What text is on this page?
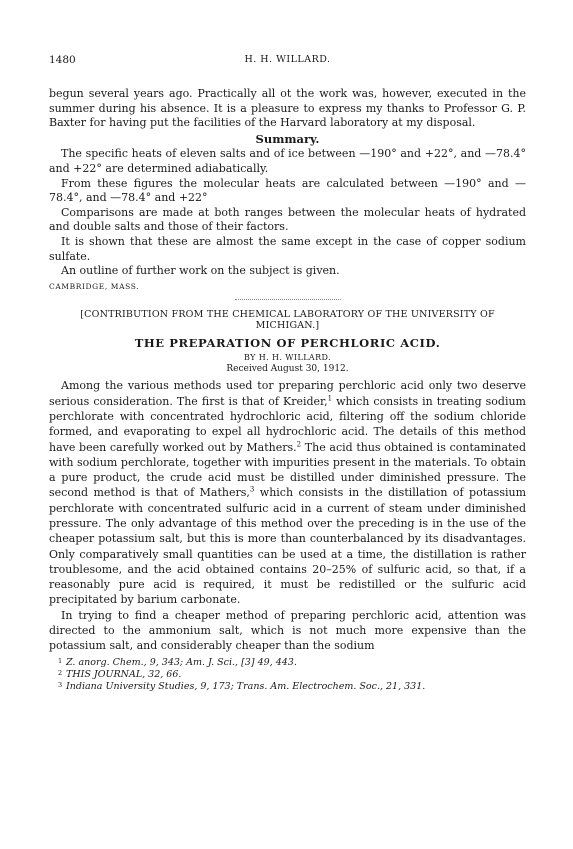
1480	H. H. WILLARD.

begun several years ago. Practically all ot the work was, however, executed in the summer during his absence. It is a pleasure to express my thanks to Professor G. P. Baxter for having put the facilities of the Harvard laboratory at my disposal.

Summary.

The specific heats of eleven salts and of ice between —190° and +22°, and —78.4° and +22° are determined adiabatically.

From these figures the molecular heats are calculated between —190° and —78.4°, and —78.4° and +22°

Comparisons are made at both ranges between the molecular heats of hydrated and double salts and those of their factors.

It is shown that these are almost the same except in the case of copper sodium sulfate.

An outline of further work on the subject is given.

CAMBRIDGE, MASS.
[CONTRIBUTION FROM THE CHEMICAL LABORATORY OF THE UNIVERSITY OF MICHIGAN.]
THE PREPARATION OF PERCHLORIC ACID.
BY H. H. WILLARD.
Received August 30, 1912.

Among the various methods used tor preparing perchloric acid only two deserve serious consideration. The first is that of Kreider,$^1$ which consists in treating sodium perchlorate with concentrated hydrochloric acid, filtering off the sodium chloride formed, and evaporating to expel all hydrochloric acid. The details of this method have been carefully worked out by Mathers.$^2$ The acid thus obtained is contaminated with sodium perchlorate, together with impurities present in the materials. To obtain a pure product, the crude acid must be distilled under diminished pressure. The second method is that of Mathers,$^3$ which consists in the distillation of potassium perchlorate with concentrated sulfuric acid in a current of steam under diminished pressure. The only advantage of this method over the preceding is in the use of the cheaper potassium salt, but this is more than counterbalanced by its disadvantages. Only comparatively small quantities can be used at a time, the distillation is rather troublesome, and the acid obtained contains 20–25% of sulfuric acid, so that, if a reasonably pure acid is required, it must be redistilled or the sulfuric acid precipitated by barium carbonate.

In trying to find a cheaper method of preparing perchloric acid, attention was directed to the ammonium salt, which is not much more expensive than the potassium salt, and considerably cheaper than the sodium

1 Z. anorg. Chem., 9, 343; Am. J. Sci., [3] 49, 443.
2 THIS JOURNAL, 32, 66.
3 Indiana University Studies, 9, 173; Trans. Am. Electrochem. Soc., 21, 331.
